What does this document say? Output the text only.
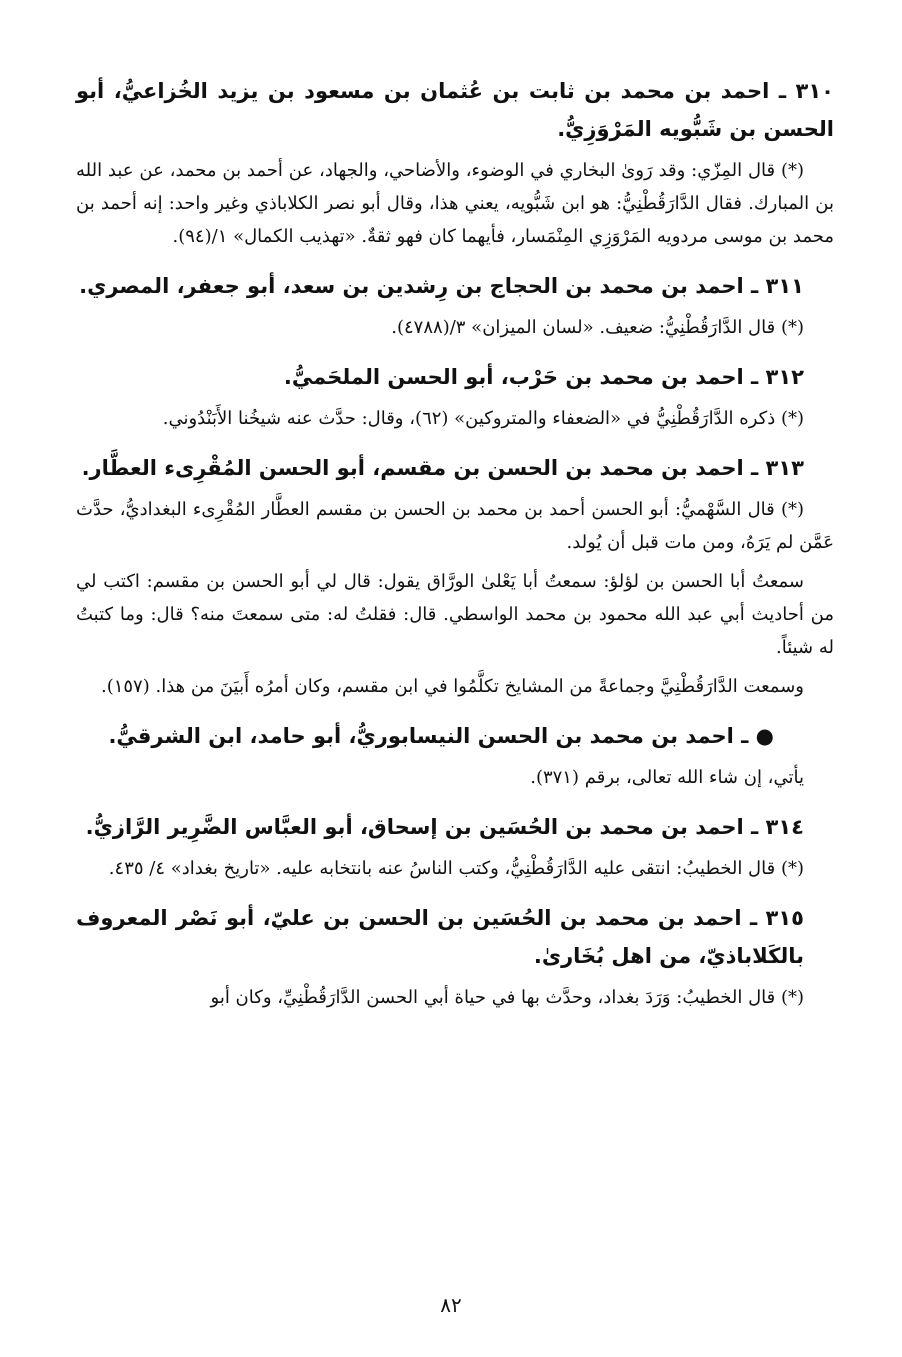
٣١٠ ـ احمد بن محمد بن ثابت بن عُثمان بن مسعود بن يزيد الخُزاعيُّ، أبو الحسن بن شَبُّويه المَرْوَزِيُّ.
(*) قال المِزّي: وقد رَوىٰ البخاري في الوضوء، والأضاحي، والجهاد، عن أحمد بن محمد، عن عبد الله بن المبارك. فقال الدَّارَقُطْنِيُّ: هو ابن شَبُّويه، يعني هذا، وقال أبو نصر الكلاباذي وغير واحد: إنه أحمد بن محمد بن موسى مردويه المَرْوَزِي المِنْمَسار، فأيهما كان فهو ثقةٌ. «تهذيب الكمال» ١/(٩٤).
٣١١ ـ احمد بن محمد بن الحجاج بن رِشدين بن سعد، أبو جعفر، المصري.
(*) قال الدَّارَقُطْنِيُّ: ضعيف. «لسان الميزان» ٣/(٤٧٨٨).
٣١٢ ـ احمد بن محمد بن حَرْب، أبو الحسن الملحَميُّ.
(*) ذكره الدَّارَقُطْنِيُّ في «الضعفاء والمتروكين» (٦٢)، وقال: حدَّث عنه شيخُنا الأَبَنْدُوني.
٣١٣ ـ احمد بن محمد بن الحسن بن مقسم، أبو الحسن المُقْرِىء العطَّار.
(*) قال السَّهْميُّ: أبو الحسن أحمد بن محمد بن الحسن بن مقسم العطَّار المُقْرِىء البغداديُّ، حدَّث عَمَّن لم يَرَهُ، ومن مات قبل أن يُولد.
سمعتُ أبا الحسن بن لؤلؤ: سمعتُ أبا يَعْلىٰ الورَّاق يقول: قال لي أبو الحسن بن مقسم: اكتب لي من أحاديث أبي عبد الله محمود بن محمد الواسطي. قال: فقلتُ له: متى سمعتَ منه؟ قال: وما كتبتُ له شيئاً.
وسمعت الدَّارَقُطْنِيَّ وجماعةً من المشايخ تكلَّمُوا في ابن مقسم، وكان أمرُه أَبيَنَ من هذا. (١٥٧).
● ـ احمد بن محمد بن الحسن النيسابوريُّ، أبو حامد، ابن الشرقيُّ.
يأتي، إن شاء الله تعالى، برقم (٣٧١).
٣١٤ ـ احمد بن محمد بن الحُسَين بن إسحاق، أبو العبَّاس الضَّرِير الرَّازيُّ.
(*) قال الخطيبُ: انتقى عليه الدَّارَقُطْنِيُّ، وكتب الناسُ عنه بانتخابه عليه. «تاريخ بغداد» ٤/ ٤٣٥.
٣١٥ ـ احمد بن محمد بن الحُسَين بن الحسن بن عليّ، أبو نَصْر المعروف بالكَلاباذيّ، من اهل بُخَارىٰ.
(*) قال الخطيبُ: وَرَدَ بغداد، وحدَّث بها في حياة أبي الحسن الدَّارَقُطْنِيِّ، وكان أبو
٨٢
